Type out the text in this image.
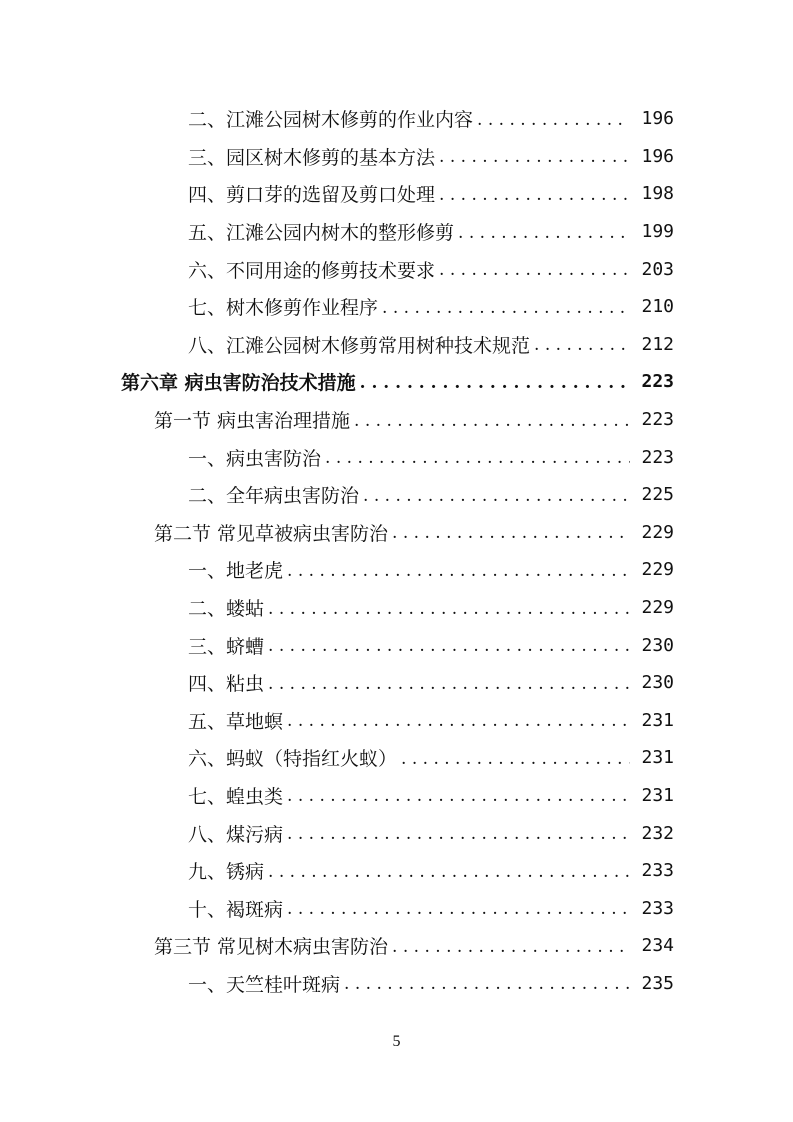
二、江滩公园树木修剪的作业内容 . . .	196
三、园区树木修剪的基本方法 . . .	196
四、剪口芽的选留及剪口处理 . . .	198
五、江滩公园内树木的整形修剪 . . .	199
六、不同用途的修剪技术要求 . . .	203
七、树木修剪作业程序 . . .	210
八、江滩公园树木修剪常用树种技术规范 . . .	212
第六章 病虫害防治技术措施 . . .	223
第一节 病虫害治理措施 . . .	223
一、病虫害防治 . . .	223
二、全年病虫害防治 . . .	225
第二节 常见草被病虫害防治 . . .	229
一、地老虎 . . .	229
二、蝼蛄 . . .	229
三、蛴螬 . . .	230
四、粘虫 . . .	230
五、草地螟 . . .	231
六、蚂蚁（特指红火蚁） . . .	231
七、蝗虫类 . . .	231
八、煤污病 . . .	232
九、锈病 . . .	233
十、褐斑病 . . .	233
第三节 常见树木病虫害防治 . . .	234
一、天竺桂叶斑病 . . .	235
5
